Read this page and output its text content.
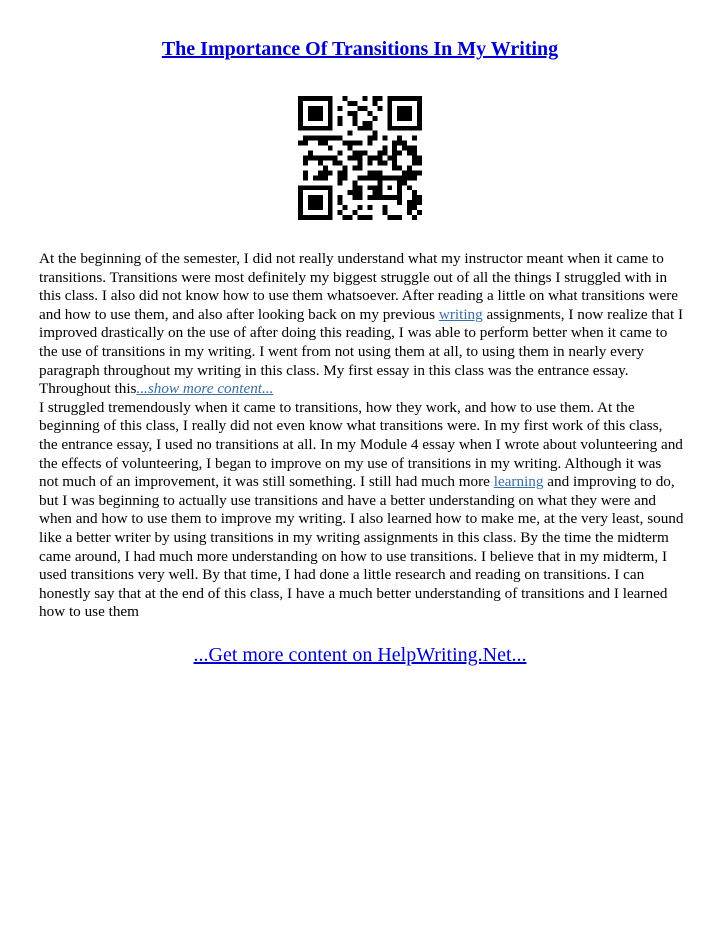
The Importance Of Transitions In My Writing

At the beginning of the semester, I did not really understand what my instructor meant when it came to transitions. Transitions were most definitely my biggest struggle out of all the things I struggled with in this class. I also did not know how to use them whatsoever. After reading a little on what transitions were and how to use them, and also after looking back on my previous writing assignments, I now realize that I improved drastically on the use of after doing this reading, I was able to perform better when it came to the use of transitions in my writing. I went from not using them at all, to using them in nearly every paragraph throughout my writing in this class. My first essay in this class was the entrance essay. Throughout this...show more content...

I struggled tremendously when it came to transitions, how they work, and how to use them. At the beginning of this class, I really did not even know what transitions were. In my first work of this class, the entrance essay, I used no transitions at all. In my Module 4 essay when I wrote about volunteering and the effects of volunteering, I began to improve on my use of transitions in my writing. Although it was not much of an improvement, it was still something. I still had much more learning and improving to do, but I was beginning to actually use transitions and have a better understanding on what they were and when and how to use them to improve my writing. I also learned how to make me, at the very least, sound like a better writer by using transitions in my writing assignments in this class. By the time the midterm came around, I had much more understanding on how to use transitions. I believe that in my midterm, I used transitions very well. By that time, I had done a little research and reading on transitions. I can honestly say that at the end of this class, I have a much better understanding of transitions and I learned how to use them

...Get more content on HelpWriting.Net...
